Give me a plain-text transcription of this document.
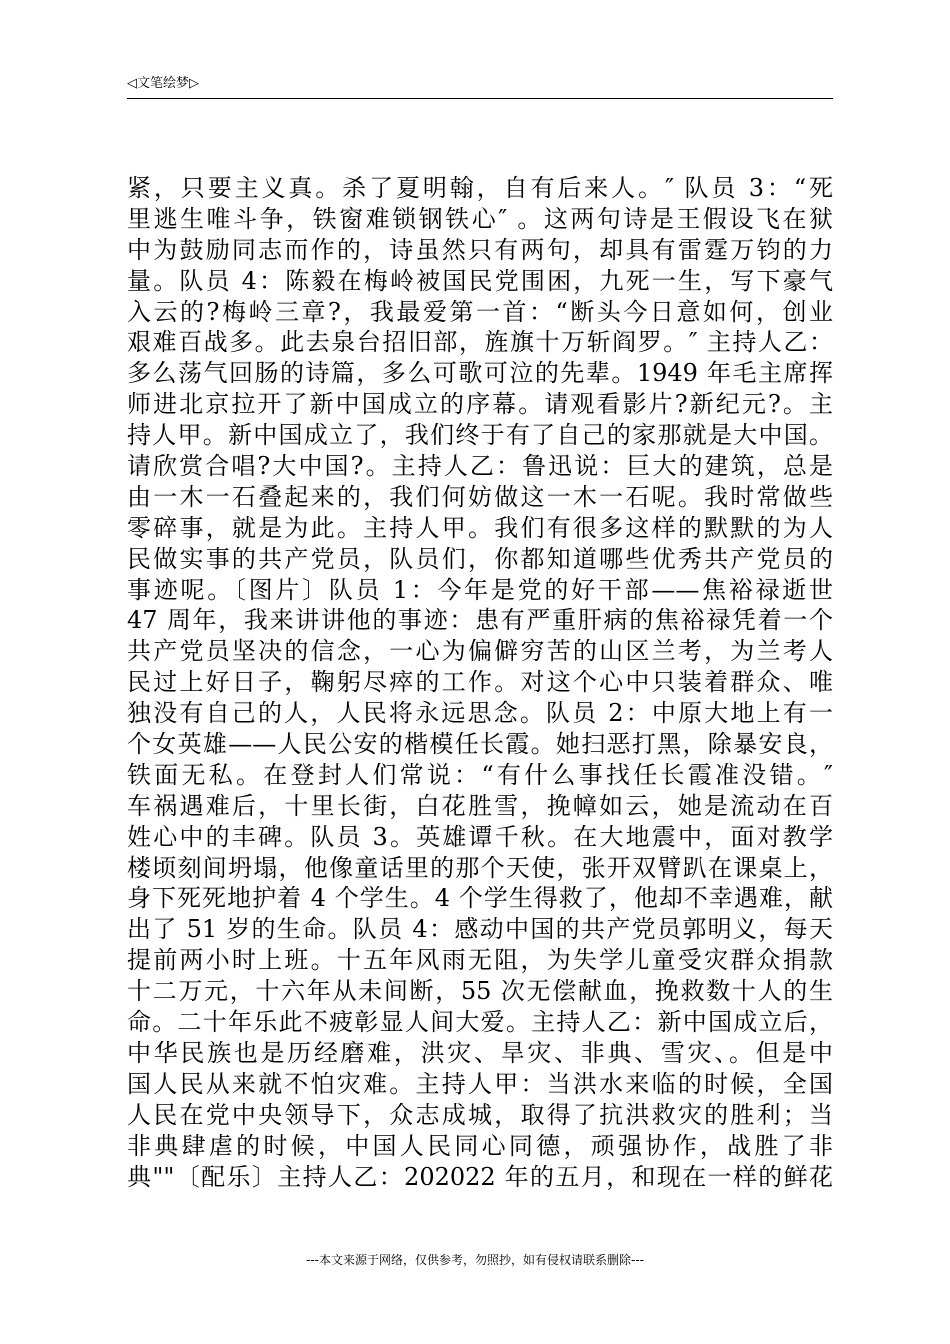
◁文笔绘梦▷
紧，只要主义真。杀了夏明翰，自有后来人。″ 队员 3：“死
里逃生唯斗争，铁窗难锁钢铁心″ 。这两句诗是王假设飞在狱
中为鼓励同志而作的，诗虽然只有两句，却具有雷霆万钧的力
量。队员 4：陈毅在梅岭被国民党围困，九死一生，写下豪气
入云的?梅岭三章?，我最爱第一首：“断头今日意如何，创业
艰难百战多。此去泉台招旧部，旌旗十万斩阎罗。″ 主持人乙：
多么荡气回肠的诗篇，多么可歌可泣的先辈。1949 年毛主席挥
师进北京拉开了新中国成立的序幕。请观看影片?新纪元?。主
持人甲。新中国成立了，我们终于有了自己的家那就是大中国。
请欣赏合唱?大中国?。主持人乙：鲁迅说：巨大的建筑，总是
由一木一石叠起来的，我们何妨做这一木一石呢。我时常做些
零碎事，就是为此。主持人甲。我们有很多这样的默默的为人
民做实事的共产党员，队员们，你都知道哪些优秀共产党员的
事迹呢。〔图片〕队员 1：今年是党的好干部——焦裕禄逝世
47 周年，我来讲讲他的事迹：患有严重肝病的焦裕禄凭着一个
共产党员坚决的信念，一心为偏僻穷苦的山区兰考，为兰考人
民过上好日子，鞠躬尽瘁的工作。对这个心中只装着群众、唯
独没有自己的人，人民将永远思念。队员 2：中原大地上有一
个女英雄——人民公安的楷模任长霞。她扫恶打黑，除暴安良，
铁面无私。在登封人们常说：“有什么事找任长霞准没错。″
车祸遇难后，十里长街，白花胜雪，挽幛如云，她是流动在百
姓心中的丰碑。队员 3。英雄谭千秋。在大地震中，面对教学
楼顷刻间坍塌，他像童话里的那个天使，张开双臂趴在课桌上，
身下死死地护着 4 个学生。4 个学生得救了，他却不幸遇难，献
出了 51 岁的生命。队员 4：感动中国的共产党员郭明义，每天
提前两小时上班。十五年风雨无阻，为失学儿童受灾群众捐款
十二万元，十六年从未间断，55 次无偿献血，挽救数十人的生
命。二十年乐此不疲彰显人间大爱。主持人乙：新中国成立后，
中华民族也是历经磨难，洪灾、旱灾、非典、雪灾、。但是中
国人民从来就不怕灾难。主持人甲：当洪水来临的时候，全国
人民在党中央领导下，众志成城，取得了抗洪救灾的胜利；当
非典肆虐的时候，中国人民同心同德，顽强协作，战胜了非
典""〔配乐〕主持人乙：202022 年的五月，和现在一样的鲜花
---本文来源于网络，仅供参考，勿照抄，如有侵权请联系删除---
